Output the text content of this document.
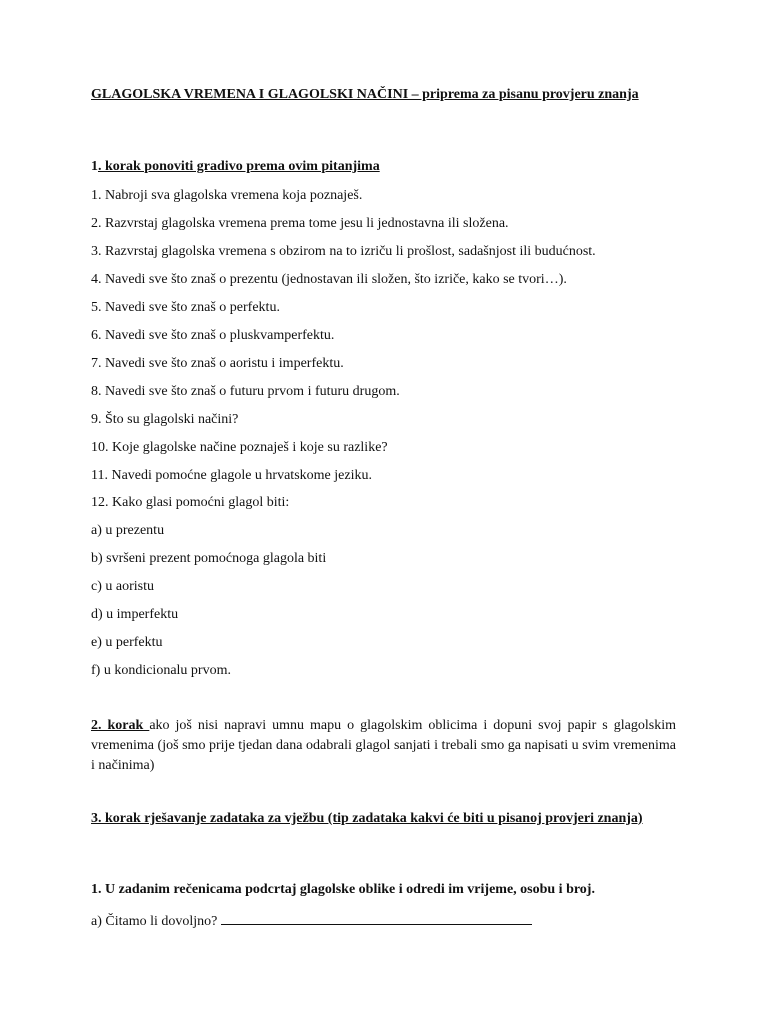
GLAGOLSKA VREMENA I GLAGOLSKI NAČINI – priprema za pisanu provjeru znanja

1. korak ponoviti gradivo prema ovim pitanjima

1. Nabroji sva glagolska vremena koja poznaješ.

2. Razvrstaj glagolska vremena prema tome jesu li jednostavna ili složena.

3. Razvrstaj glagolska vremena s obzirom na to izriču li prošlost, sadašnjost ili budućnost.

4. Navedi sve što znaš o prezentu (jednostavan ili složen, što izriče, kako se tvori…).

5. Navedi sve što znaš o perfektu.

6. Navedi sve što znaš o pluskvamperfektu.

7. Navedi sve što znaš o aoristu i imperfektu.

8. Navedi sve što znaš o futuru prvom i futuru drugom.

9. Što su glagolski načini?

10. Koje glagolske načine poznaješ i koje su razlike?

11. Navedi pomoćne glagole u hrvatskome jeziku.

12. Kako glasi pomoćni glagol biti:

a) u prezentu

b) svršeni prezent pomoćnoga glagola biti

c) u aoristu

d) u imperfektu

e) u perfektu

f) u kondicionalu prvom.

2. korak ako još nisi napravi umnu mapu o glagolskim oblicima i dopuni svoj papir s glagolskim vremenima (još smo prije tjedan dana odabrali glagol sanjati i trebali smo ga napisati u svim vremenima i načinima)

3. korak rješavanje zadataka za vježbu (tip zadataka kakvi će biti u pisanoj provjeri znanja)

1. U zadanim rečenicama podcrtaj glagolske oblike i odredi im vrijeme, osobu i broj.

a) Čitamo li dovoljno?
